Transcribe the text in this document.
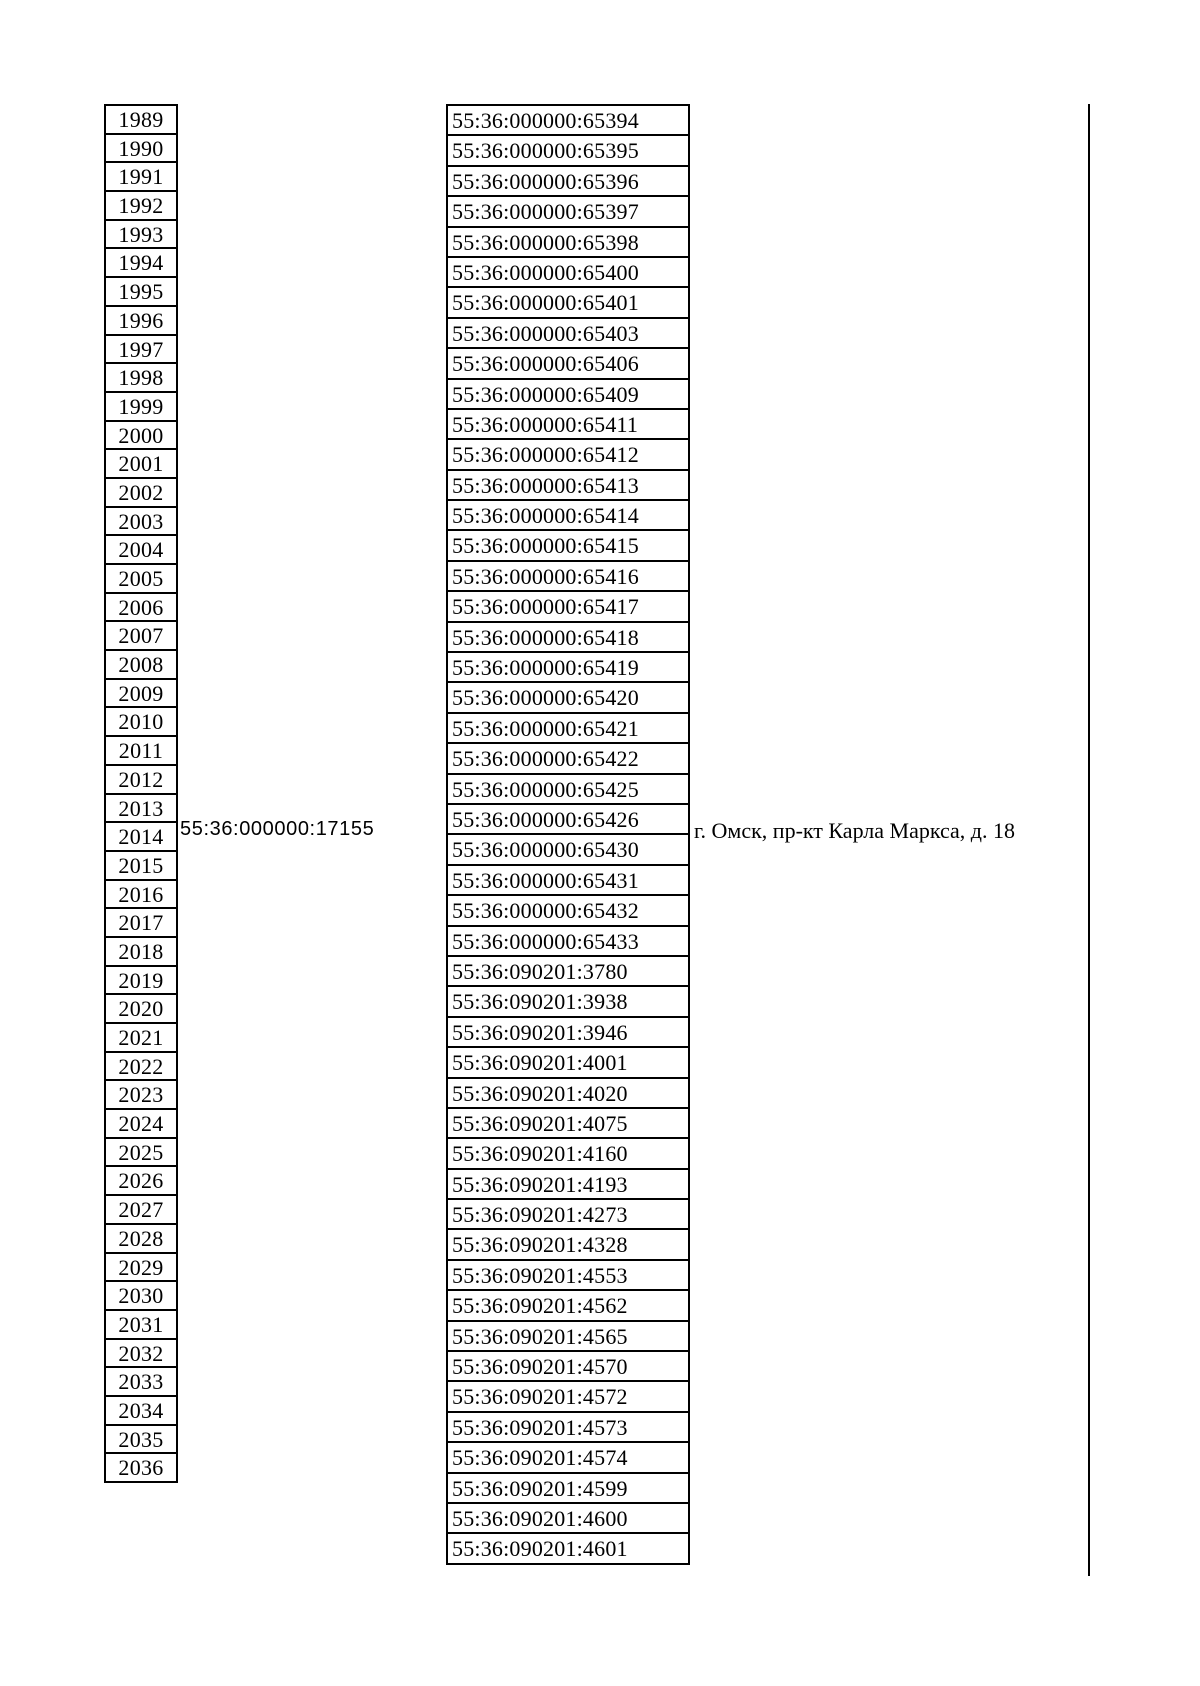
1989
1990
1991
1992
1993
1994
1995
1996
1997
1998
1999
2000
2001
2002
2003
2004
2005
2006
2007
2008
2009
2010
2011
2012
2013
2014
2015
2016
2017
2018
2019
2020
2021
2022
2023
2024
2025
2026
2027
2028
2029
2030
2031
2032
2033
2034
2035
2036
55:36:000000:17155
55:36:000000:65394
55:36:000000:65395
55:36:000000:65396
55:36:000000:65397
55:36:000000:65398
55:36:000000:65400
55:36:000000:65401
55:36:000000:65403
55:36:000000:65406
55:36:000000:65409
55:36:000000:65411
55:36:000000:65412
55:36:000000:65413
55:36:000000:65414
55:36:000000:65415
55:36:000000:65416
55:36:000000:65417
55:36:000000:65418
55:36:000000:65419
55:36:000000:65420
55:36:000000:65421
55:36:000000:65422
55:36:000000:65425
55:36:000000:65426
55:36:000000:65430
55:36:000000:65431
55:36:000000:65432
55:36:000000:65433
55:36:090201:3780
55:36:090201:3938
55:36:090201:3946
55:36:090201:4001
55:36:090201:4020
55:36:090201:4075
55:36:090201:4160
55:36:090201:4193
55:36:090201:4273
55:36:090201:4328
55:36:090201:4553
55:36:090201:4562
55:36:090201:4565
55:36:090201:4570
55:36:090201:4572
55:36:090201:4573
55:36:090201:4574
55:36:090201:4599
55:36:090201:4600
55:36:090201:4601
г. Омск, пр-кт Карла Маркса, д. 18
